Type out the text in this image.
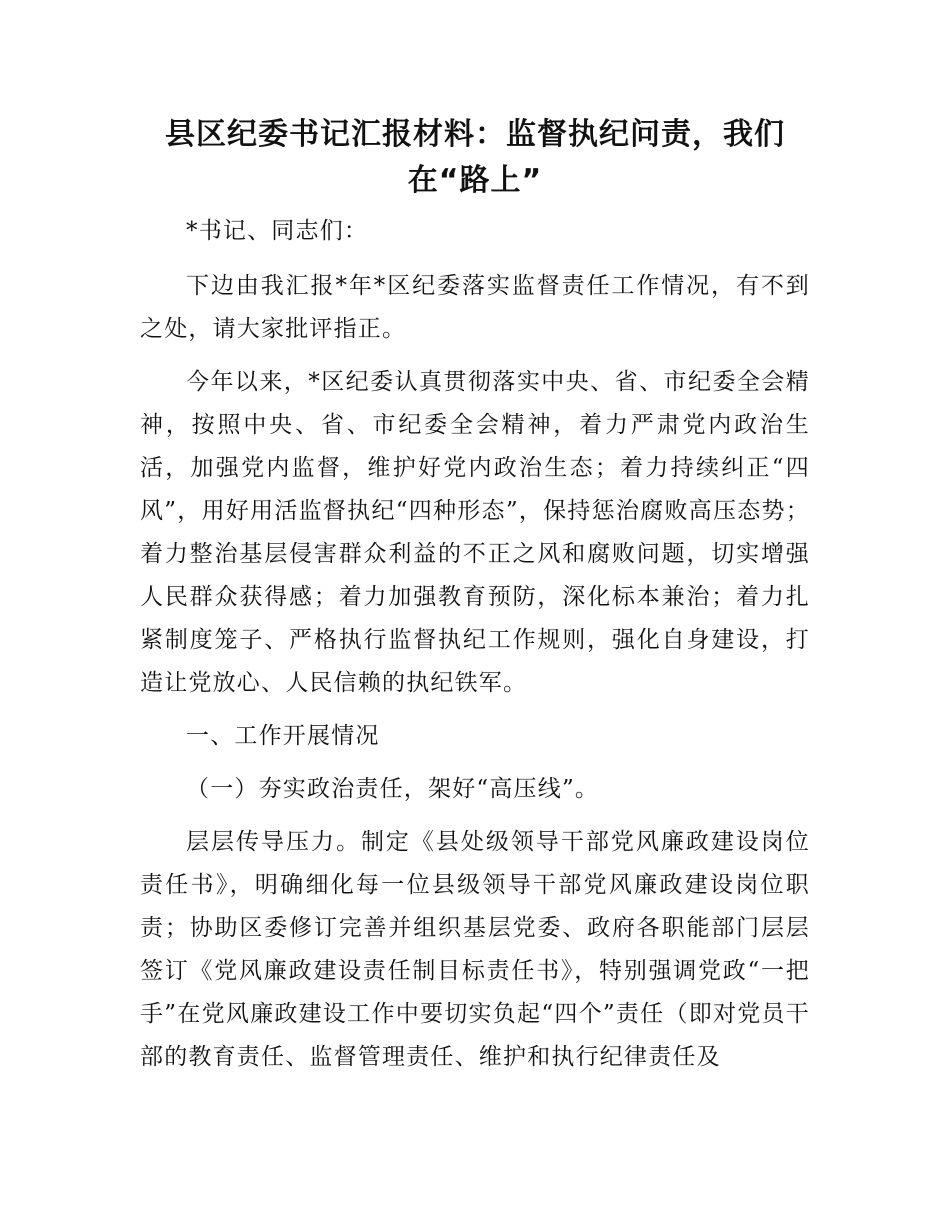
县区纪委书记汇报材料：监督执纪问责，我们
在“路上”

*书记、同志们：

下边由我汇报*年*区纪委落实监督责任工作情况，有不到之处，请大家批评指正。

今年以来，*区纪委认真贯彻落实中央、省、市纪委全会精神，按照中央、省、市纪委全会精神，着力严肃党内政治生活，加强党内监督，维护好党内政治生态；着力持续纠正“四风”，用好用活监督执纪“四种形态”，保持惩治腐败高压态势；着力整治基层侵害群众利益的不正之风和腐败问题，切实增强人民群众获得感；着力加强教育预防，深化标本兼治；着力扎紧制度笼子、严格执行监督执纪工作规则，强化自身建设，打造让党放心、人民信赖的执纪铁军。

一、工作开展情况

（一）夯实政治责任，架好“高压线”。

层层传导压力。制定《县处级领导干部党风廉政建设岗位责任书》，明确细化每一位县级领导干部党风廉政建设岗位职责；协助区委修订完善并组织基层党委、政府各职能部门层层签订《党风廉政建设责任制目标责任书》，特别强调党政“一把手”在党风廉政建设工作中要切实负起“四个”责任（即对党员干部的教育责任、监督管理责任、维护和执行纪律责任及
